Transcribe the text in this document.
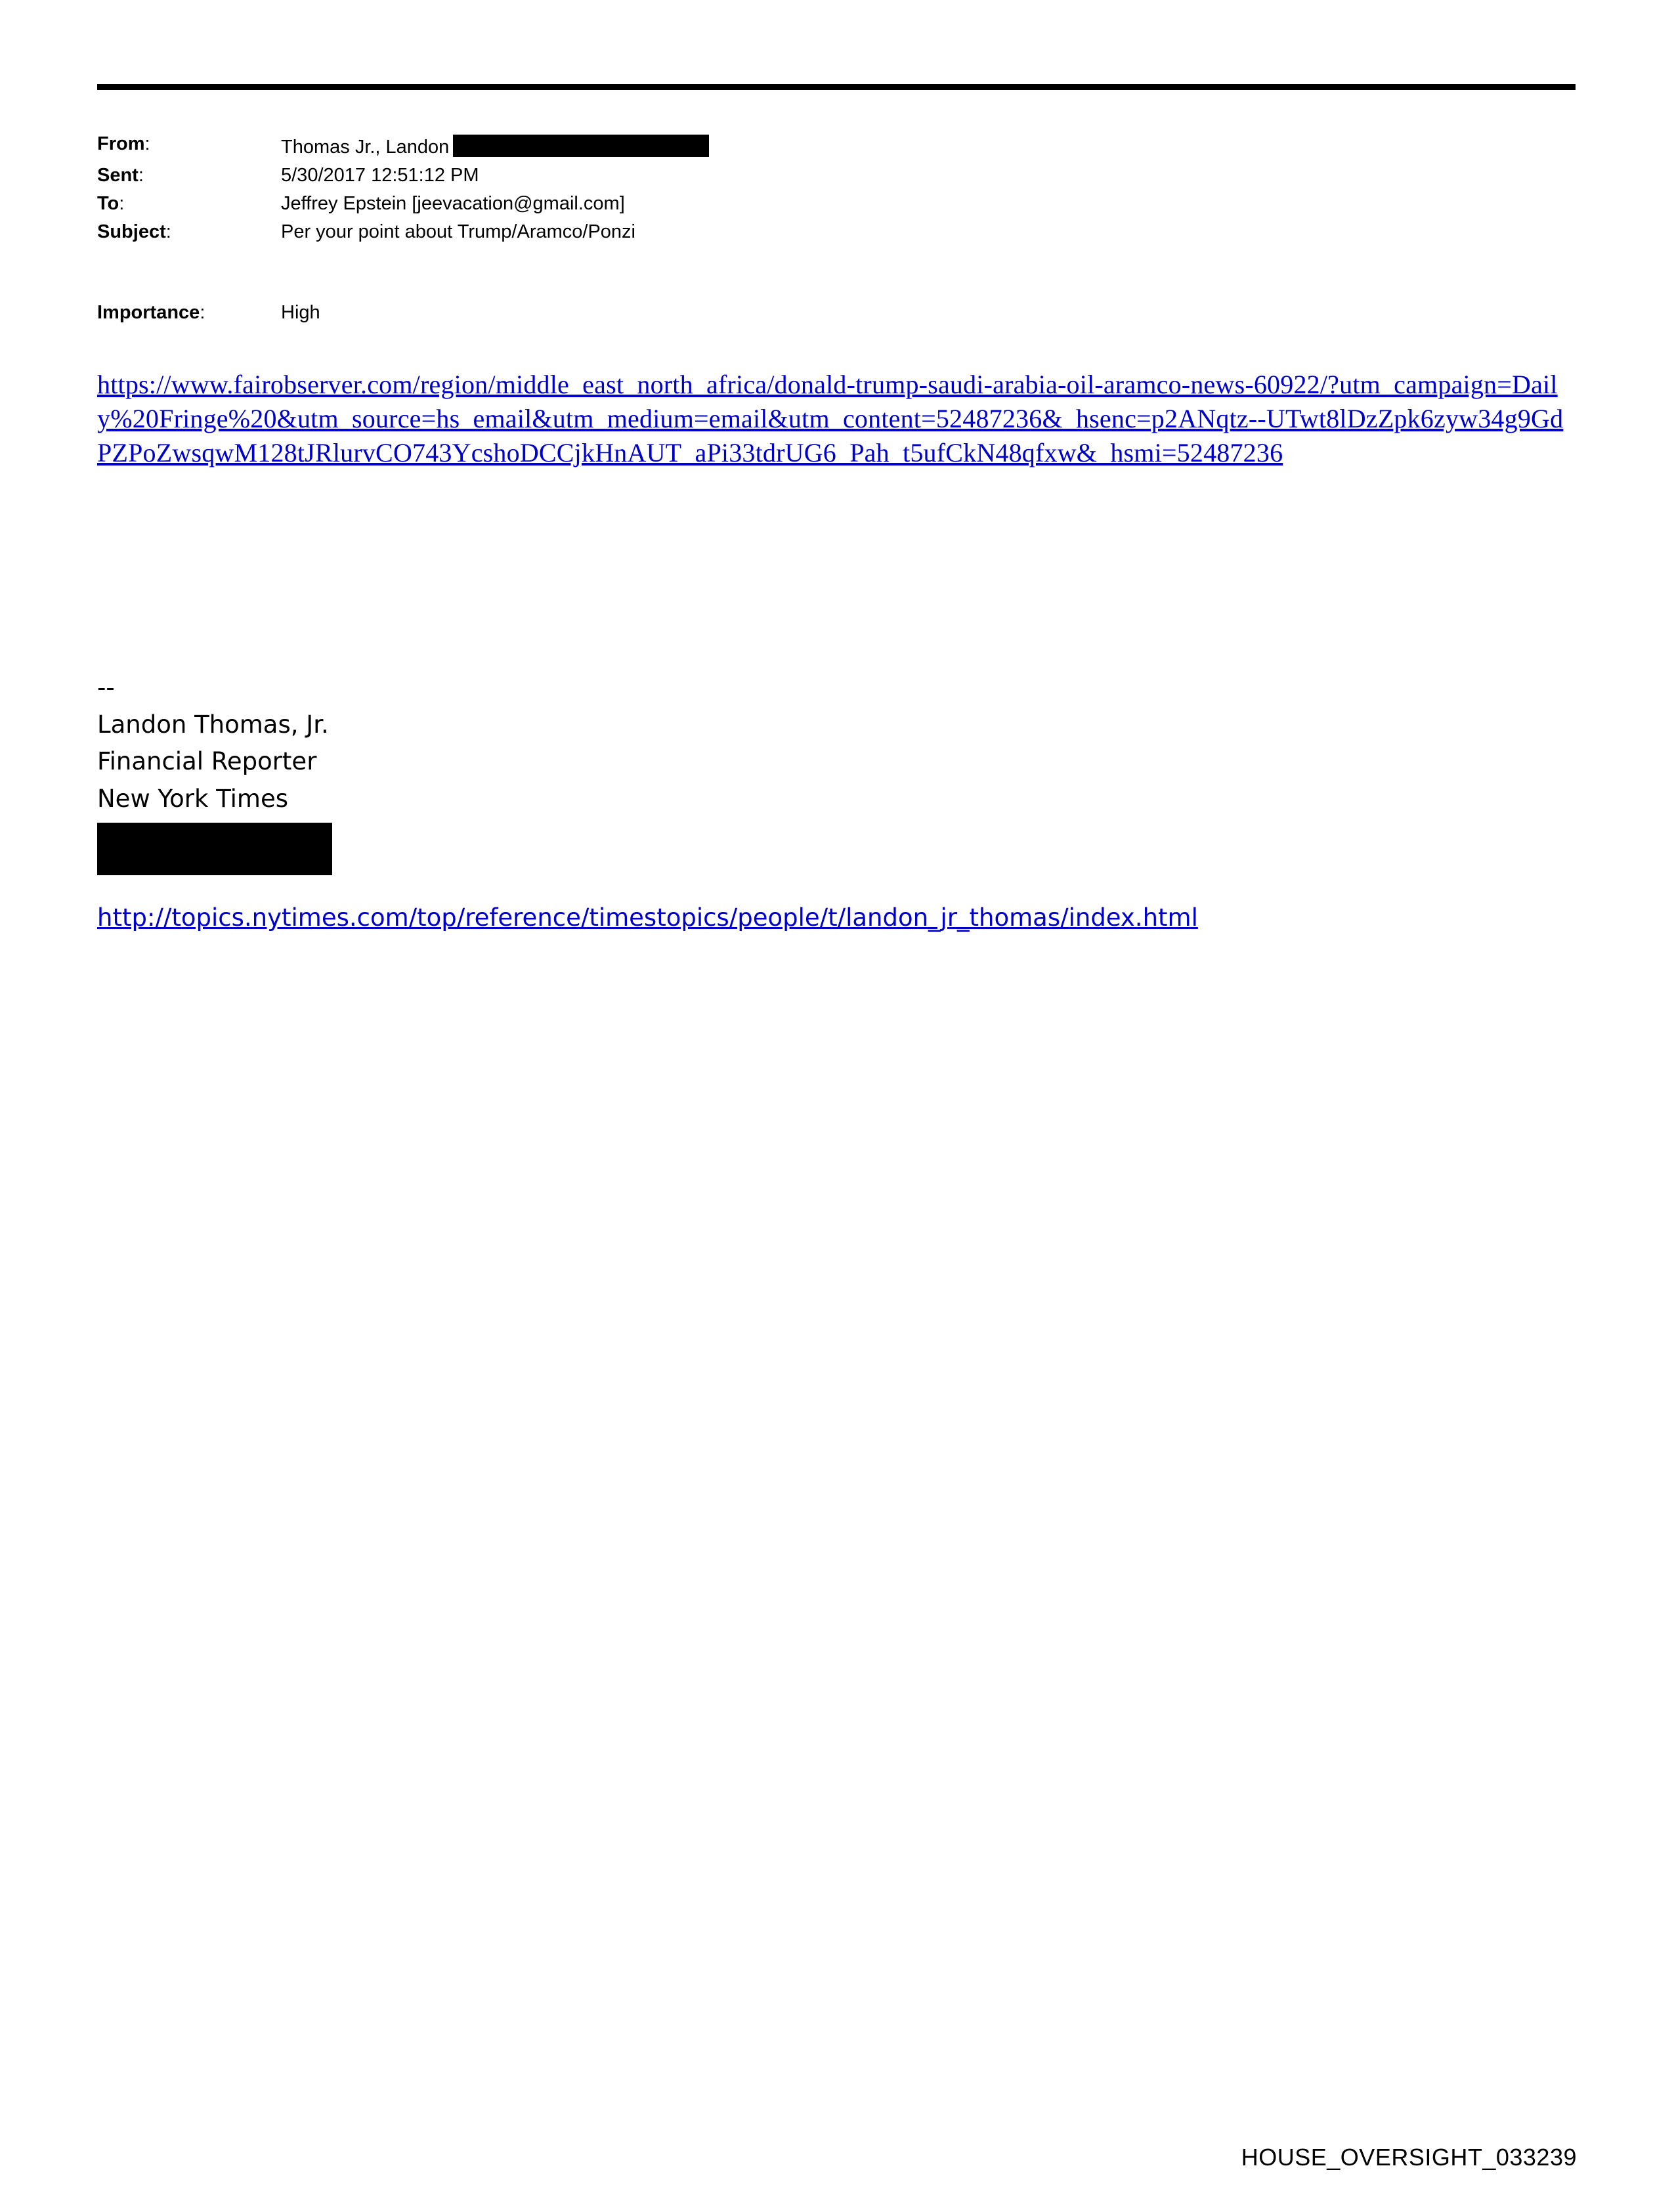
From:	Thomas Jr., Landon
Sent:	5/30/2017 12:51:12 PM
To:	Jeffrey Epstein [jeevacation@gmail.com]
Subject:	Per your point about Trump/Aramco/Ponzi
Importance:	High
https://www.fairobserver.com/region/middle_east_north_africa/donald-trump-saudi-arabia-oil-aramco-news-60922/?utm_campaign=Daily%20Fringe%20&utm_source=hs_email&utm_medium=email&utm_content=52487236&_hsenc=p2ANqtz--UTwt8lDzZpk6zyw34g9GdPZPoZwsqwM128tJRlurvCO743YcshoDCCjkHnAUT_aPi33tdrUG6_Pah_t5ufCkN48qfxw&_hsmi=52487236
--
Landon Thomas, Jr.
Financial Reporter
New York Times
http://topics.nytimes.com/top/reference/timestopics/people/t/landon_jr_thomas/index.html
HOUSE_OVERSIGHT_033239
